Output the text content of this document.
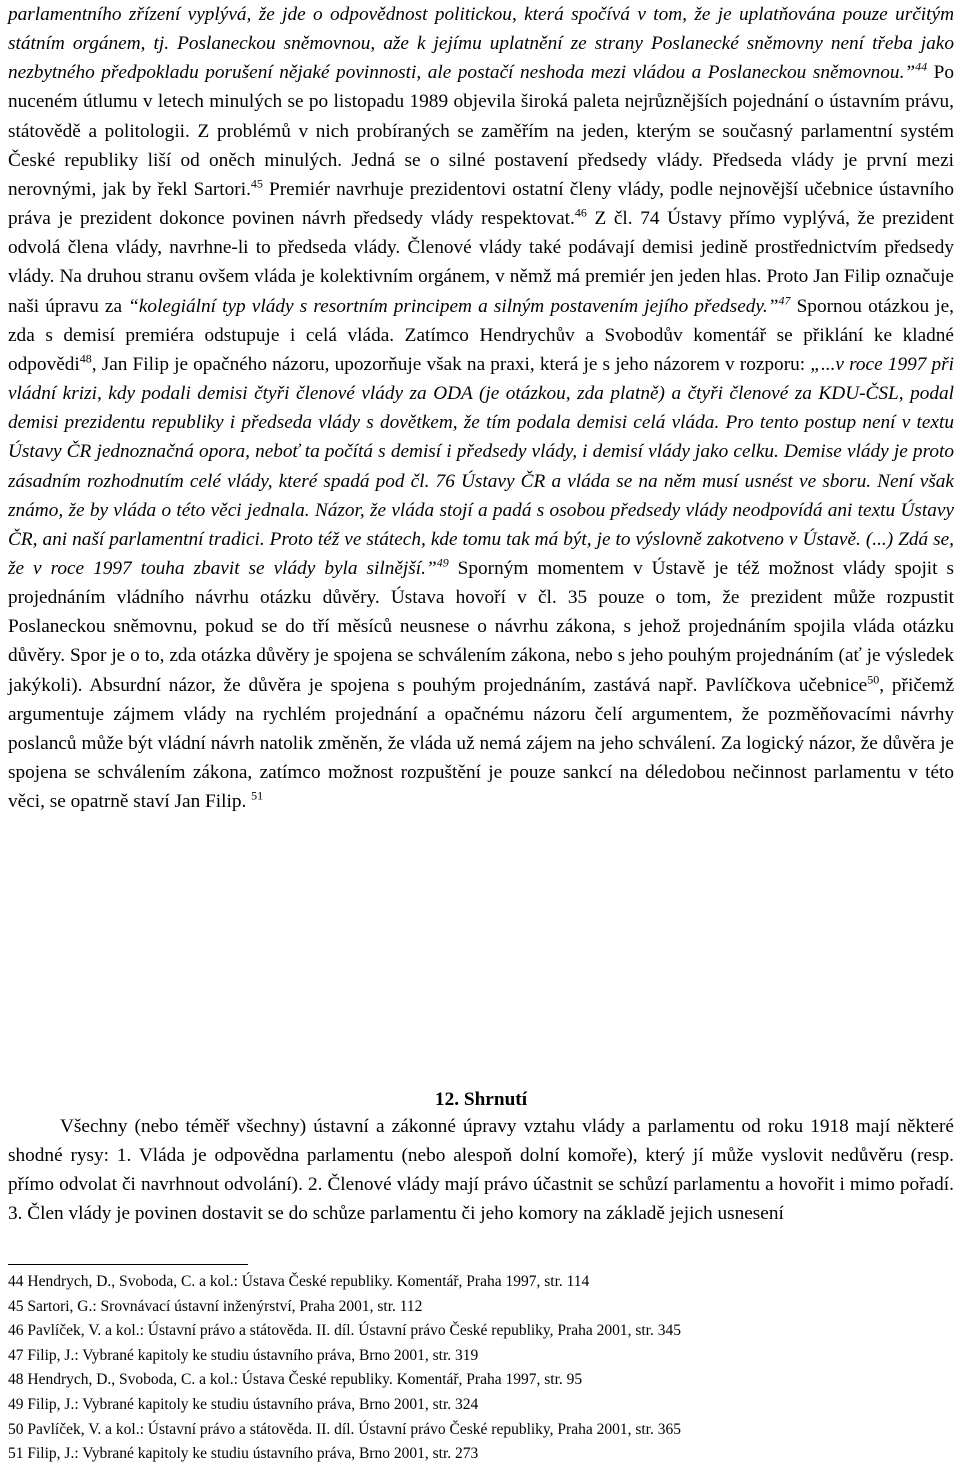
parlamentního zřízení vyplývá, že jde o odpovědnost politickou, která spočívá v tom, že je uplatňována pouze určitým státním orgánem, tj. Poslaneckou sněmovnou, aže k jejímu uplatnění ze strany Poslanecké sněmovny není třeba jako nezbytného předpokladu porušení nějaké povinnosti, ale postačí neshoda mezi vládou a Poslaneckou sněmovnou.”$^{44}$ Po nuceném útlumu v letech minulých se po listopadu 1989 objevila široká paleta nejrůznějších pojednání o ústavním právu, státovědě a politologii. Z problémů v nich probíraných se zaměřím na jeden, kterým se současný parlamentní systém České republiky liší od oněch minulých. Jedná se o silné postavení předsedy vlády. Předseda vlády je první mezi nerovnými, jak by řekl Sartori.$^{45}$ Premiér navrhuje prezidentovi ostatní členy vlády, podle nejnovější učebnice ústavního práva je prezident dokonce povinen návrh předsedy vlády respektovat.$^{46}$ Z čl. 74 Ústavy přímo vyplývá, že prezident odvolá člena vlády, navrhne-li to předseda vlády. Členové vlády také podávají demisi jedině prostřednictvím předsedy vlády. Na druhou stranu ovšem vláda je kolektivním orgánem, v němž má premiér jen jeden hlas. Proto Jan Filip označuje naši úpravu za “kolegiální typ vlády s resortním principem a silným postavením jejího předsedy.”$^{47}$ Spornou otázkou je, zda s demisí premiéra odstupuje i celá vláda. Zatímco Hendrychův a Svobodův komentář se přiklání ke kladné odpovědi$^{48}$, Jan Filip je opačného názoru, upozorňuje však na praxi, která je s jeho názorem v rozporu: „...v roce 1997 při vládní krizi, kdy podali demisi čtyři členové vlády za ODA (je otázkou, zda platně) a čtyři členové za KDU-ČSL, podal demisi prezidentu republiky i předseda vlády s dovětkem, že tím podala demisi celá vláda. Pro tento postup není v textu Ústavy ČR jednoznačná opora, neboť ta počítá s demisí i předsedy vlády, i demisí vlády jako celku. Demise vlády je proto zásadním rozhodnutím celé vlády, které spadá pod čl. 76 Ústavy ČR a vláda se na něm musí usnést ve sboru. Není však známo, že by vláda o této věci jednala. Názor, že vláda stojí a padá s osobou předsedy vlády neodpovídá ani textu Ústavy ČR, ani naší parlamentní tradici. Proto též ve státech, kde tomu tak má být, je to výslovně zakotveno v Ústavě. (...) Zdá se, že v roce 1997 touha zbavit se vlády byla silnější.”$^{49}$ Sporným momentem v Ústavě je též možnost vlády spojit s projednáním vládního návrhu otázku důvěry. Ústava hovoří v čl. 35 pouze o tom, že prezident může rozpustit Poslaneckou sněmovnu, pokud se do tří měsíců neusnese o návrhu zákona, s jehož projednáním spojila vláda otázku důvěry. Spor je o to, zda otázka důvěry je spojena se schválením zákona, nebo s jeho pouhým projednáním (ať je výsledek jakýkoli). Absurdní názor, že důvěra je spojena s pouhým projednáním, zastává např. Pavlíčkova učebnice$^{50}$, přičemž argumentuje zájmem vlády na rychlém projednání a opačnému názoru čelí argumentem, že pozměňovacími návrhy poslanců může být vládní návrh natolik změněn, že vláda už nemá zájem na jeho schválení. Za logický názor, že důvěra je spojena se schválením zákona, zatímco možnost rozpuštění je pouze sankcí na déledobou nečinnost parlamentu v této věci, se opatrně staví Jan Filip. $^{51}$

12. Shrnutí

Všechny (nebo téměř všechny) ústavní a zákonné úpravy vztahu vlády a parlamentu od roku 1918 mají některé shodné rysy: 1. Vláda je odpovědna parlamentu (nebo alespoň dolní komoře), který jí může vyslovit nedůvěru (resp. přímo odvolat či navrhnout odvolání). 2. Členové vlády mají právo účastnit se schůzí parlamentu a hovořit i mimo pořadí. 3. Člen vlády je povinen dostavit se do schůze parlamentu či jeho komory na základě jejich usnesení

44 Hendrych, D., Svoboda, C. a kol.: Ústava České republiky. Komentář, Praha 1997, str. 114
45 Sartori, G.: Srovnávací ústavní inženýrství, Praha 2001, str. 112
46 Pavlíček, V. a kol.: Ústavní právo a státověda. II. díl. Ústavní právo České republiky, Praha 2001, str. 345
47 Filip, J.: Vybrané kapitoly ke studiu ústavního práva, Brno 2001, str. 319
48 Hendrych, D., Svoboda, C. a kol.: Ústava České republiky. Komentář, Praha 1997, str. 95
49 Filip, J.: Vybrané kapitoly ke studiu ústavního práva, Brno 2001, str. 324
50 Pavlíček, V. a kol.: Ústavní právo a státověda. II. díl. Ústavní právo České republiky, Praha 2001, str. 365
51 Filip, J.: Vybrané kapitoly ke studiu ústavního práva, Brno 2001, str. 273
